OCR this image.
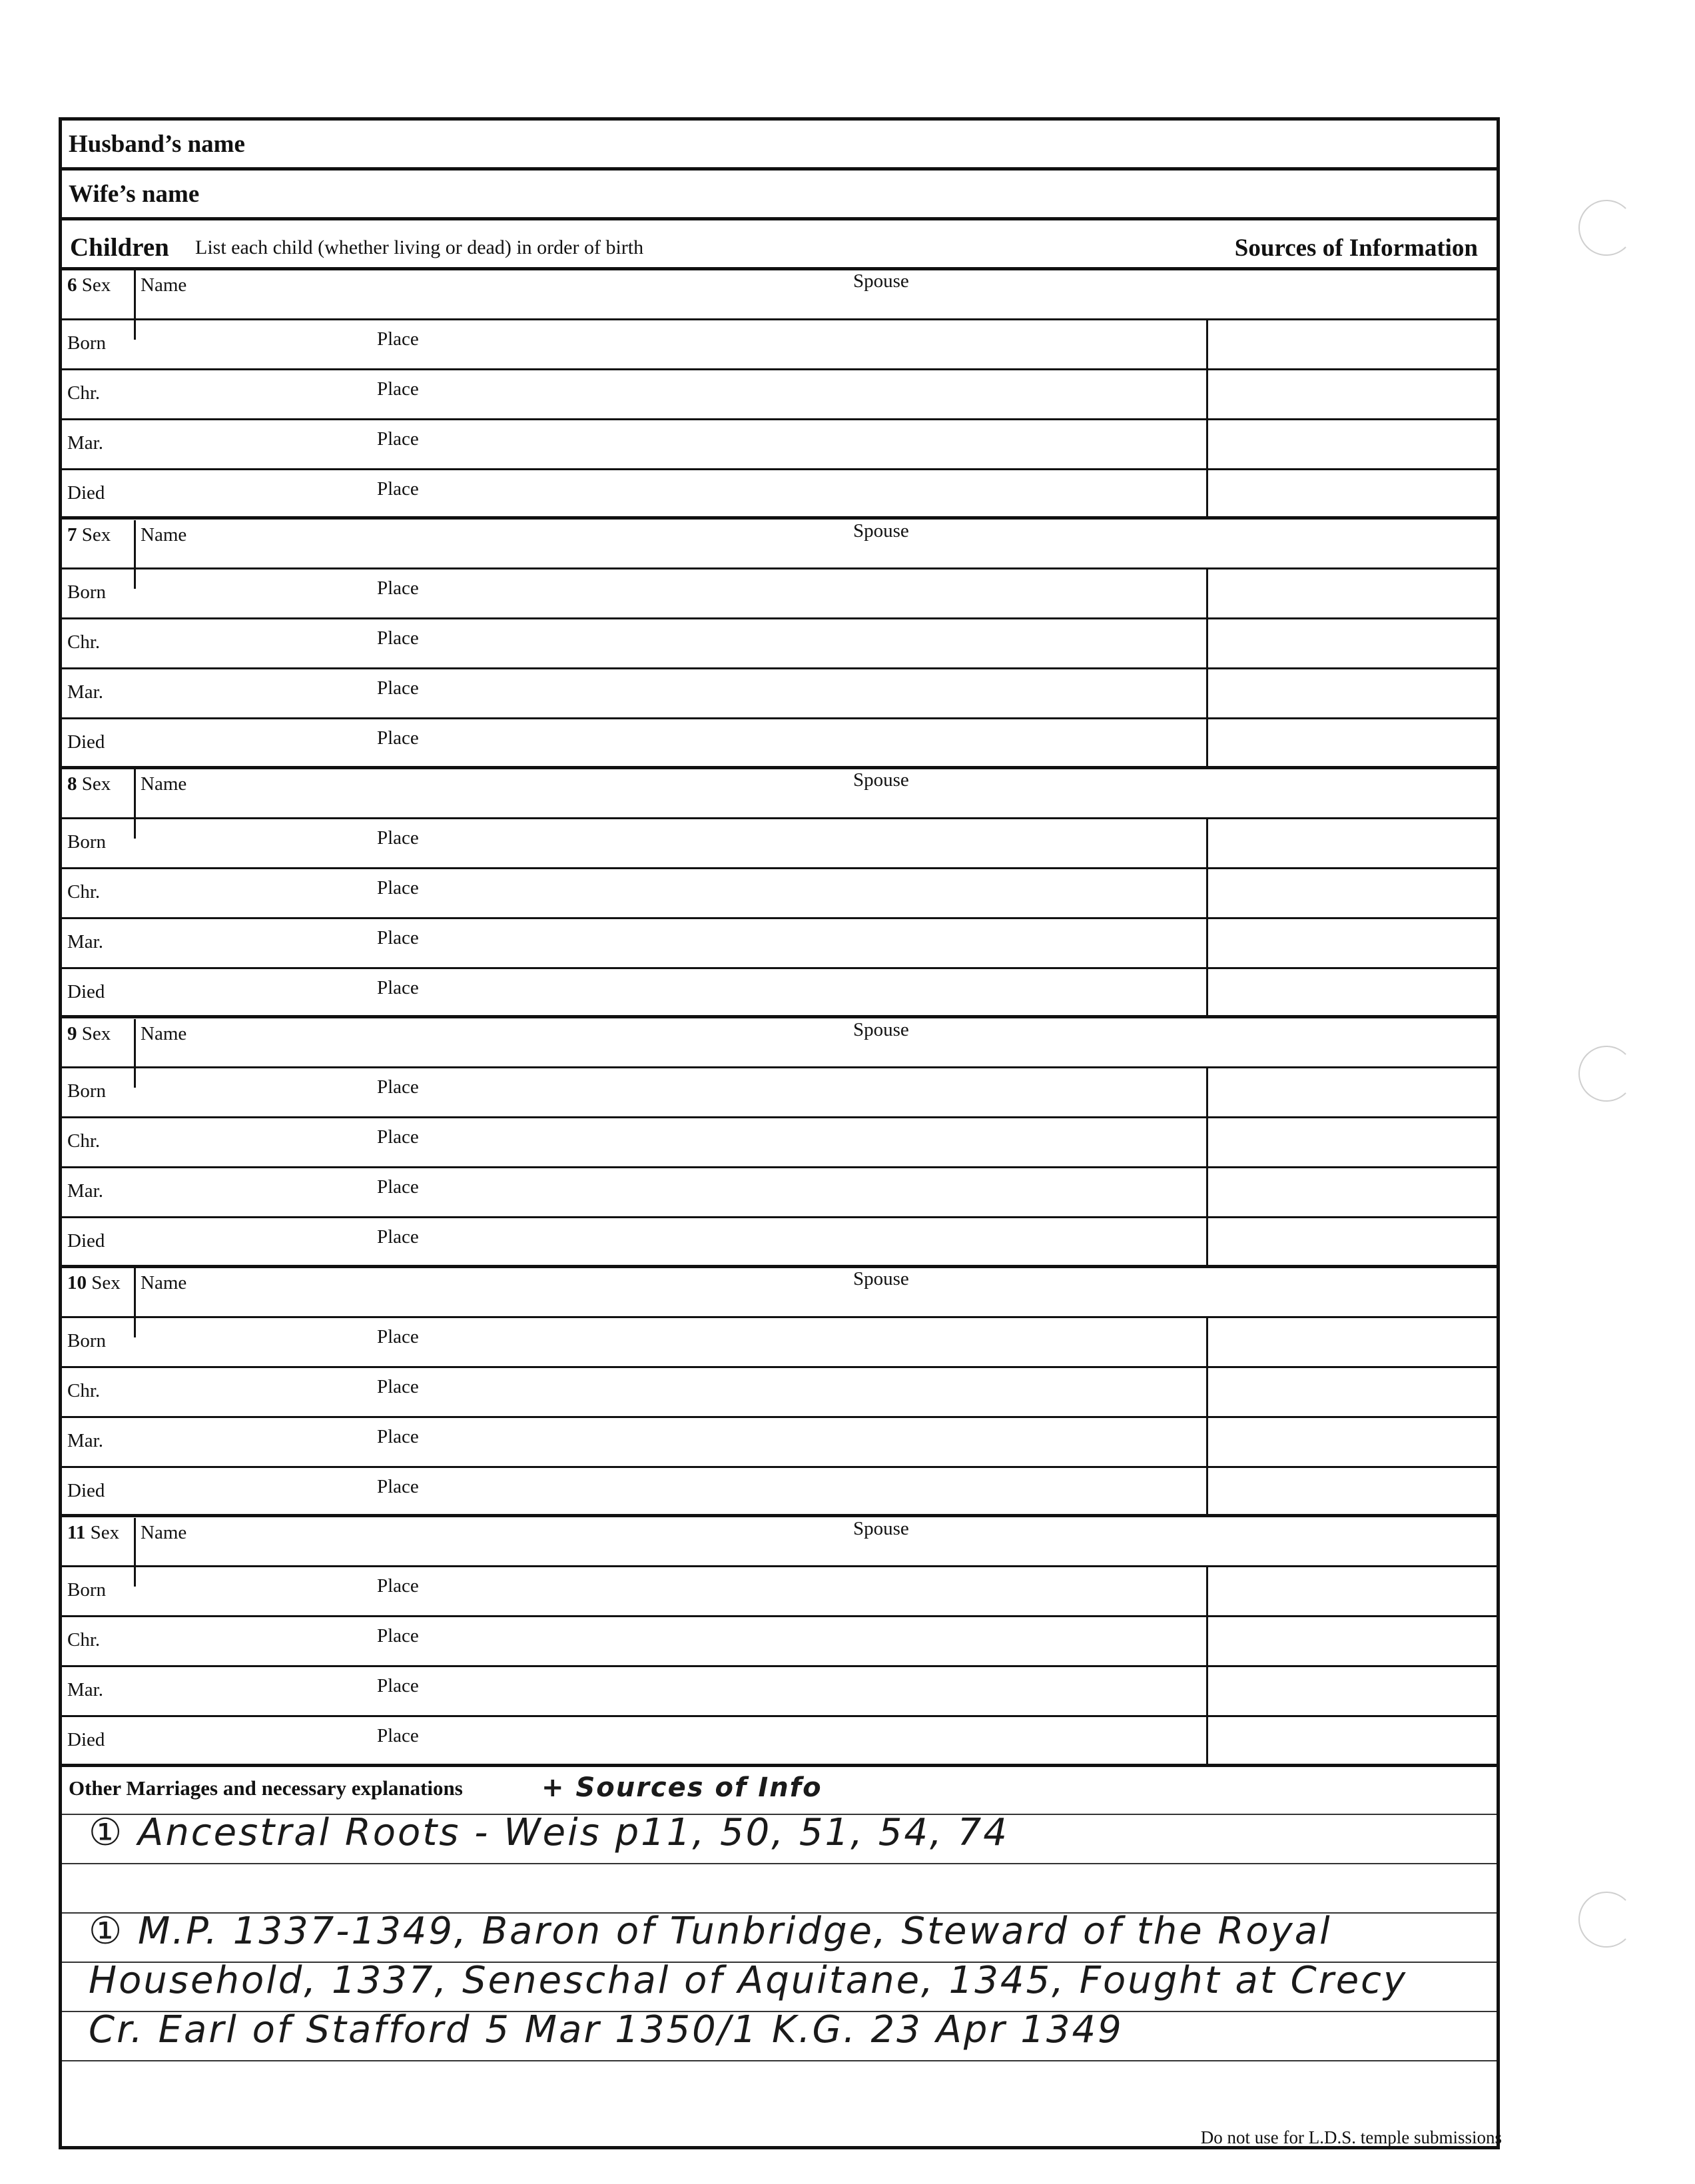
Husband’s name
Wife’s name
Children List each child (whether living or dead) in order of birth	Sources of Information
6 Sex Name	Spouse
Born	Place
Chr.	Place
Mar.	Place
Died	Place
7 Sex Name	Spouse
Born	Place
Chr.	Place
Mar.	Place
Died	Place
8 Sex Name	Spouse
Born	Place
Chr.	Place
Mar.	Place
Died	Place
9 Sex Name	Spouse
Born	Place
Chr.	Place
Mar.	Place
Died	Place
10 Sex Name	Spouse
Born	Place
Chr.	Place
Mar.	Place
Died	Place
11 Sex Name	Spouse
Born	Place
Chr.	Place
Mar.	Place
Died	Place
Other Marriages and necessary explanations	+ Sources of Info
① Ancestral Roots - Weis p11, 50, 51, 54, 74
① M.P. 1337-1349, Baron of Tunbridge, Steward of the Royal
Household, 1337, Seneschal of Aquitane, 1345, Fought at Crecy
Cr. Earl of Stafford 5 Mar 1350/1 K.G. 23 Apr 1349
Do not use for L.D.S. temple submissions
